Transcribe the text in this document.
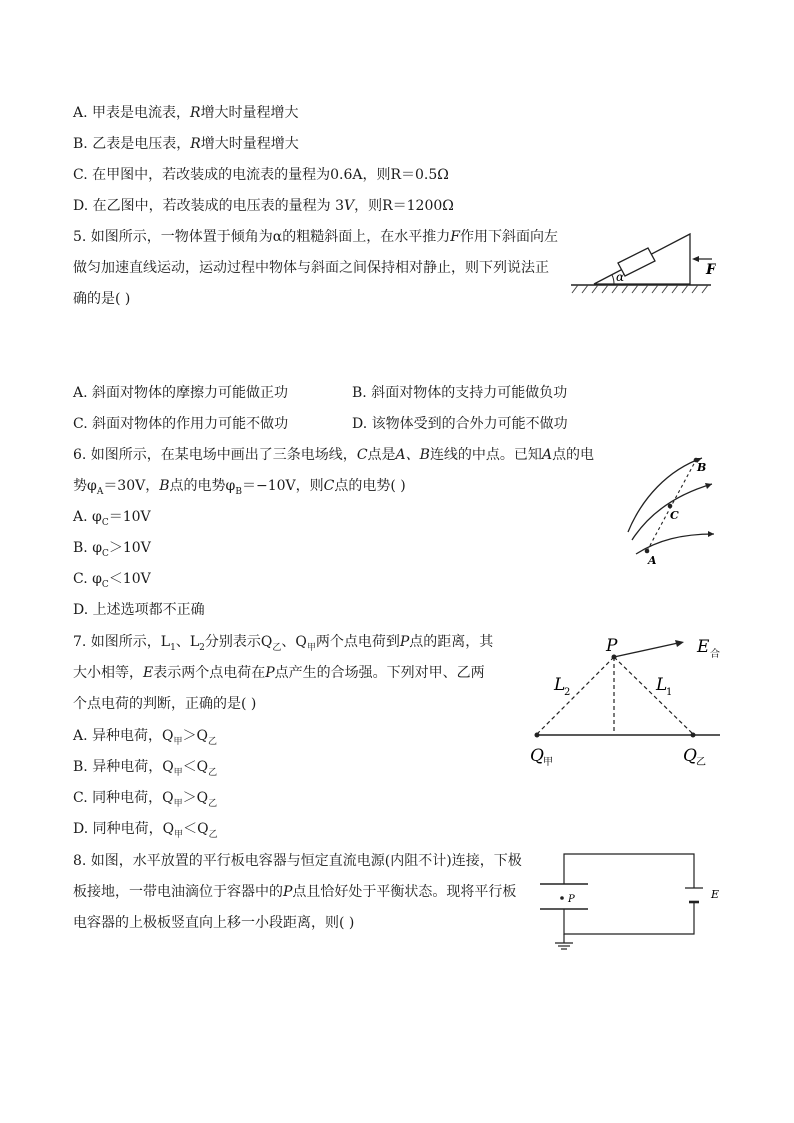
A. 甲表是电流表，R增大时量程增大
B. 乙表是电压表，R增大时量程增大
C. 在甲图中，若改装成的电流表的量程为0.6A，则R＝0.5Ω
D. 在乙图中，若改装成的电压表的量程为 3V，则R＝1200Ω
5. 如图所示，一物体置于倾角为α的粗糙斜面上，在水平推力F作用下斜面向左
做匀加速直线运动，运动过程中物体与斜面之间保持相对静止，则下列说法正
确的是( )
α	F
A. 斜面对物体的摩擦力可能做正功	B. 斜面对物体的支持力可能做负功
C. 斜面对物体的作用力可能不做功	D. 该物体受到的合外力可能不做功
6. 如图所示，在某电场中画出了三条电场线，C点是A、B连线的中点。已知A点的电
势$\varphi_A=30V$，B点的电势$\varphi_B=-10V$，则C点的电势( )
A. $\varphi_C=10V$
B. $\varphi_C>10V$
C. $\varphi_C<10V$
D. 上述选项都不正确
B
C
A
7. 如图所示，$L_1$、$L_2$分别表示$Q_乙$、$Q_甲$两个点电荷到P点的距离，其
大小相等，E表示两个点电荷在P点产生的合场强。下列对甲、乙两
个点电荷的判断，正确的是( )
A. 异种电荷，$Q_甲>Q_乙$
B. 异种电荷，$Q_甲<Q_乙$
C. 同种电荷，$Q_甲>Q_乙$
D. 同种电荷，$Q_甲<Q_乙$
P	E 合
L
2	L
1
Q 甲	Q 乙
8. 如图，水平放置的平行板电容器与恒定直流电源(内阻不计)连接，下极
板接地，一带电油滴位于容器中的P点且恰好处于平衡状态。现将平行板
电容器的上极板竖直向上移一小段距离，则( )
P	E
